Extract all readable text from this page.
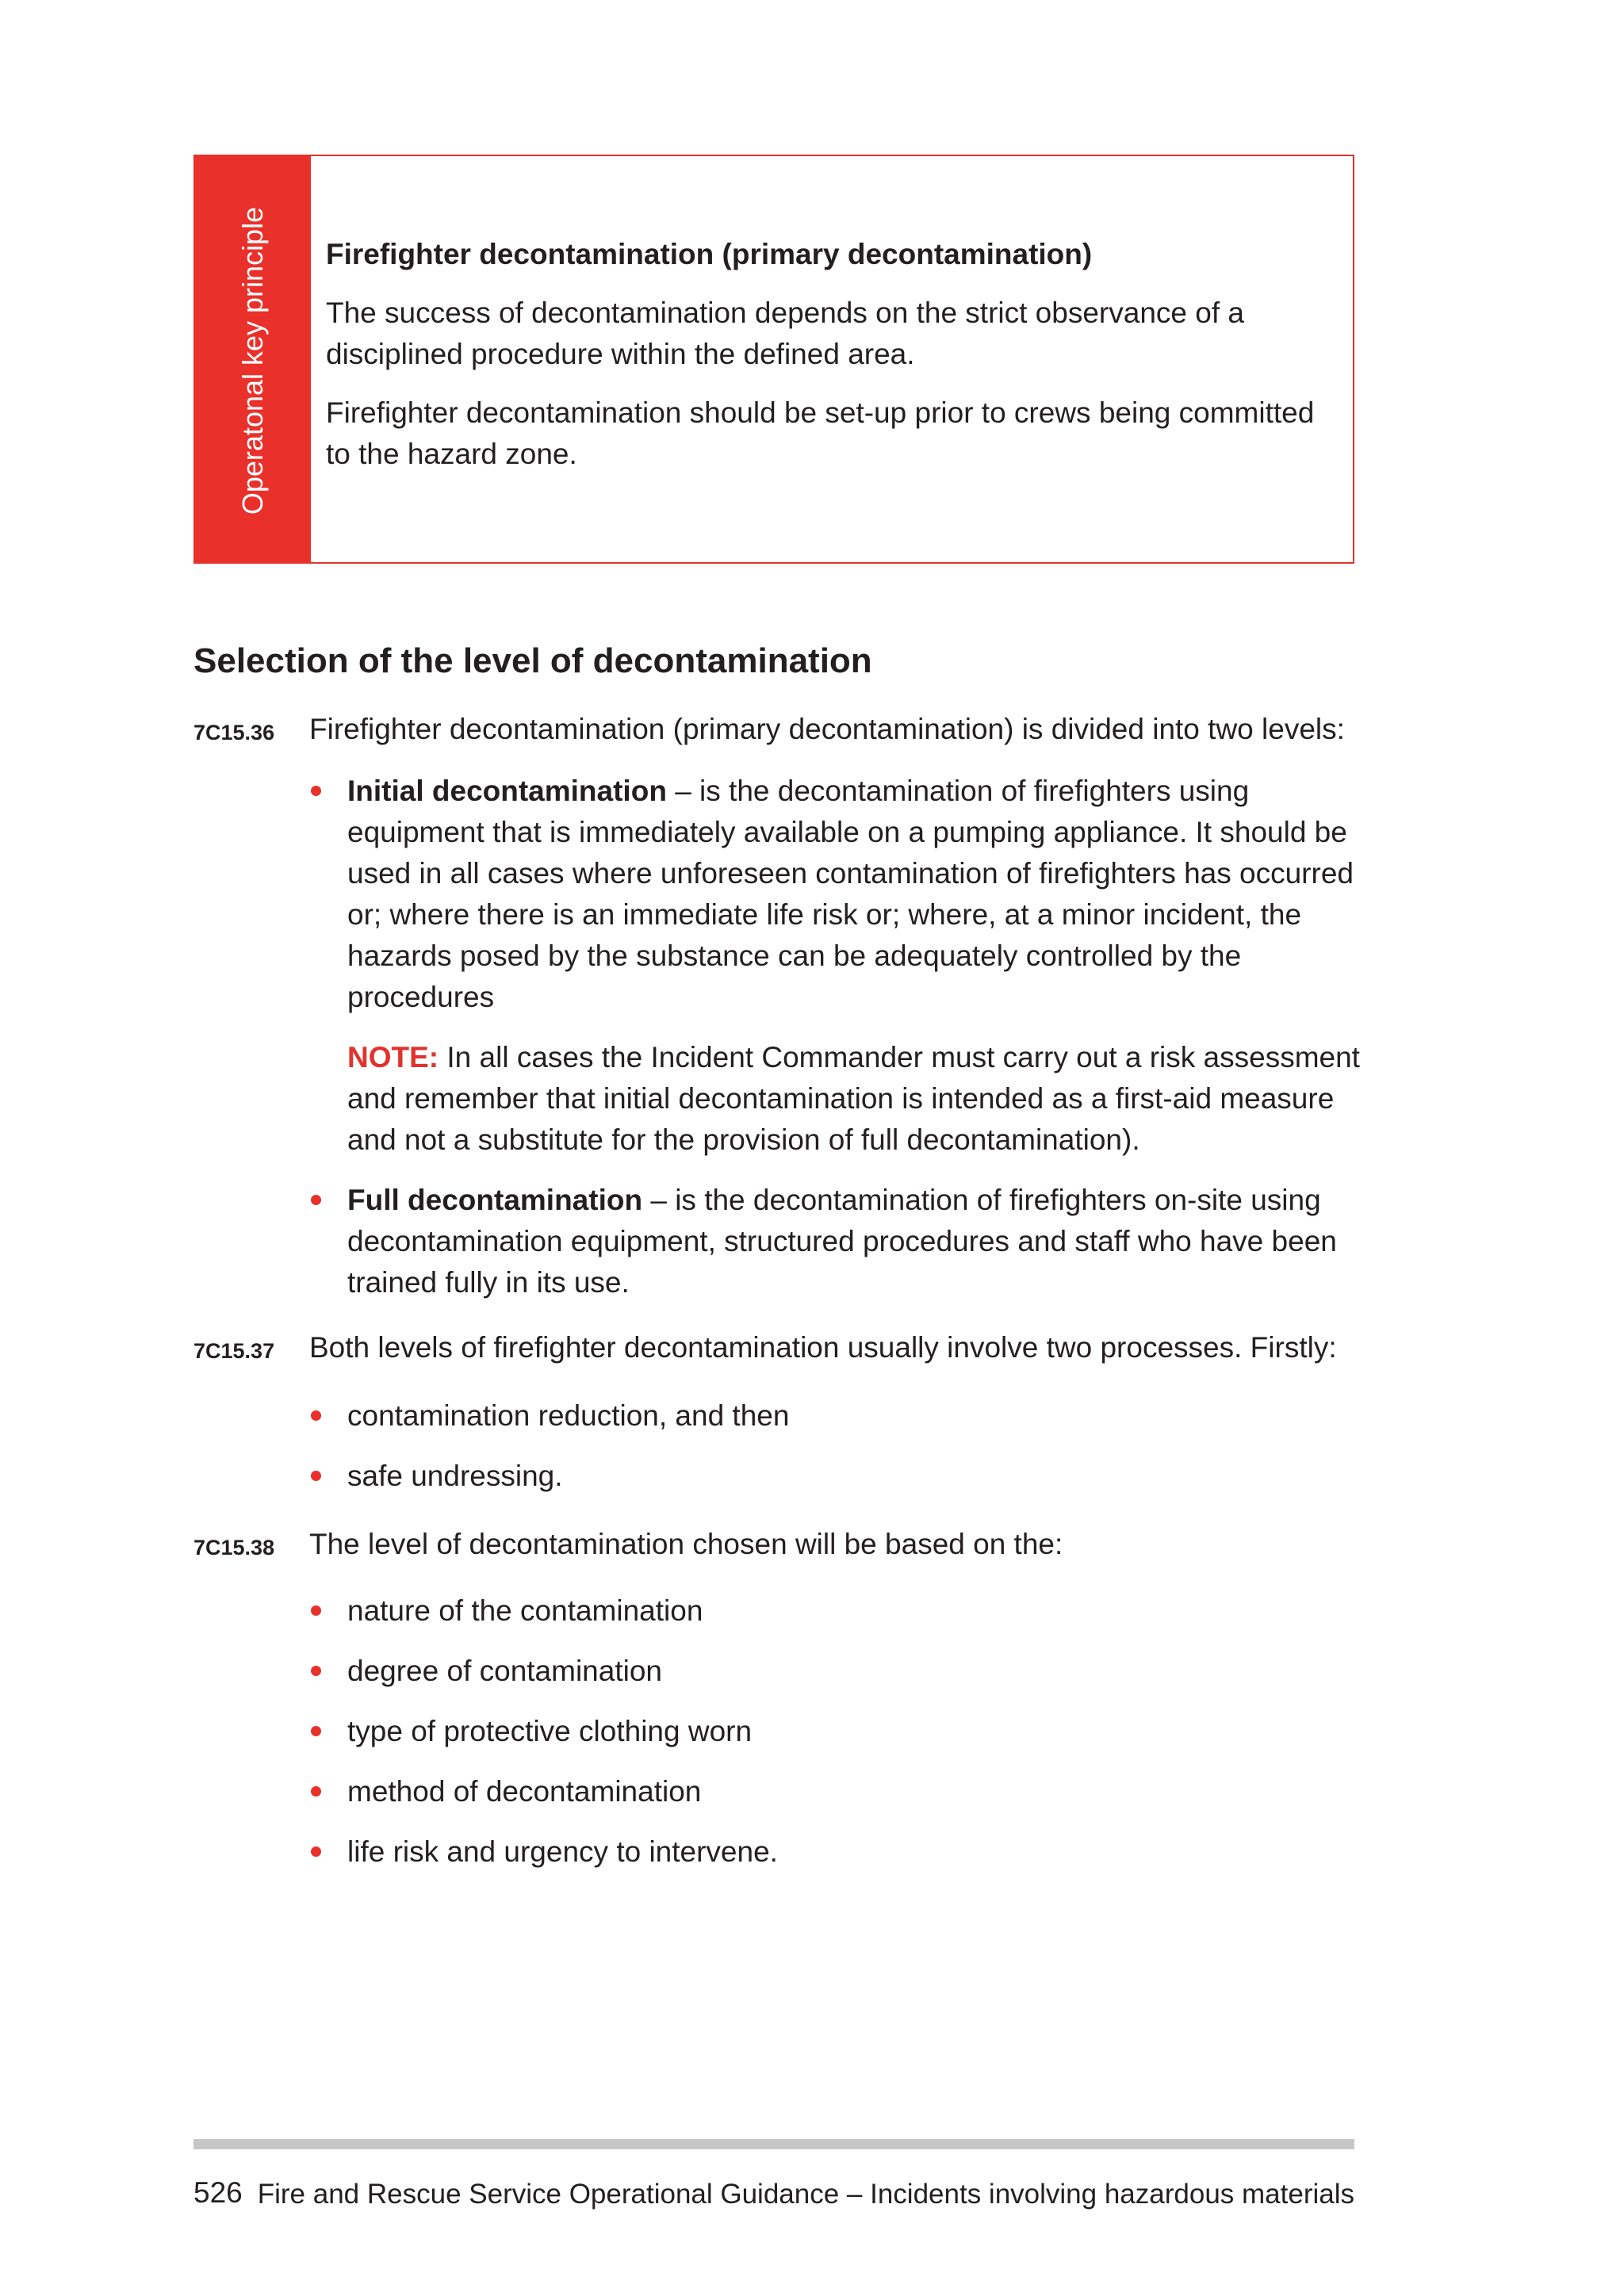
Operatonal key principle Firefighter decontamination (primary decontamination)

The success of decontamination depends on the strict observance of a disciplined procedure within the defined area.

Firefighter decontamination should be set-up prior to crews being committed to the hazard zone.

Selection of the level of decontamination
7C15.36 Firefighter decontamination (primary decontamination) is divided into two levels:
Initial decontamination – is the decontamination of firefighters using equipment that is immediately available on a pumping appliance. It should be used in all cases where unforeseen contamination of firefighters has occurred or; where there is an immediate life risk or; where, at a minor incident, the hazards posed by the substance can be adequately controlled by the procedures
NOTE: In all cases the Incident Commander must carry out a risk assessment and remember that initial decontamination is intended as a first-aid measure and not a substitute for the provision of full decontamination).
Full decontamination – is the decontamination of firefighters on-site using decontamination equipment, structured procedures and staff who have been trained fully in its use.
7C15.37 Both levels of firefighter decontamination usually involve two processes. Firstly:
contamination reduction, and then
safe undressing.
7C15.38 The level of decontamination chosen will be based on the:
nature of the contamination
degree of contamination
type of protective clothing worn
method of decontamination
life risk and urgency to intervene.
526 Fire and Rescue Service Operational Guidance – Incidents involving hazardous materials
